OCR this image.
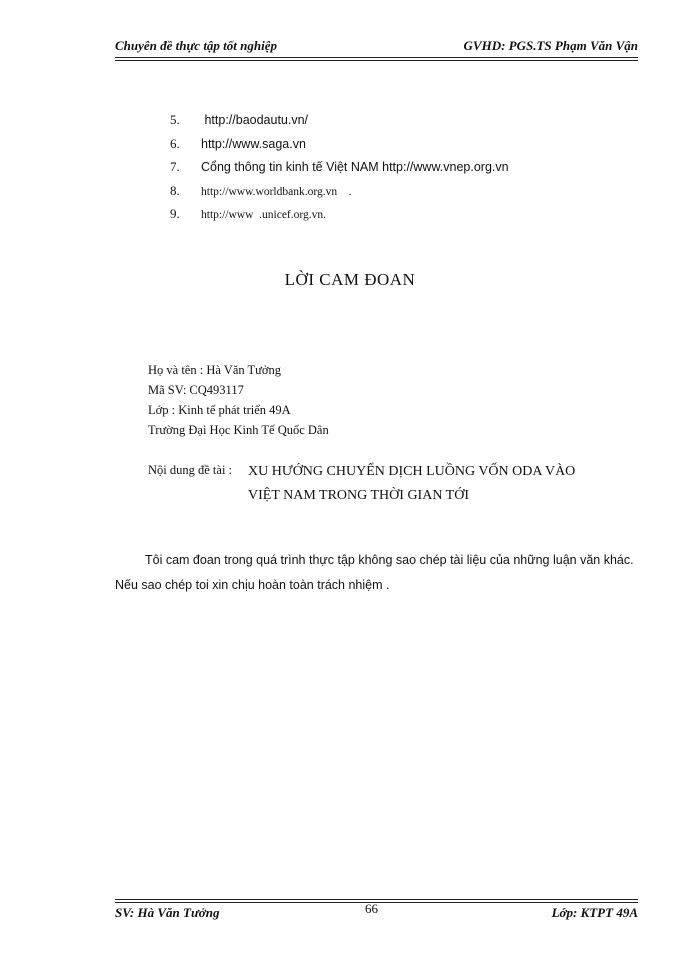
Chuyên đề thực tập tốt nghiệp	GVHD: PGS.TS Phạm Văn Vận
5.	http://baodautu.vn/
6.	http://www.saga.vn
7.	Cổng thông tin kinh tế Việt NAM http://www.vnep.org.vn
8.	http://www.worldbank.org.vn    .
9.	http://www  .unicef.org.vn.
LỜI CAM ĐOAN
Họ và tên : Hà Văn Tưởng
Mã SV: CQ493117
Lớp : Kinh tế phát triển 49A
Trường Đại Học Kinh Tế Quốc Dân
Nội dung đề tài : XU HƯỚNG CHUYỂN DỊCH LUỒNG VỐN ODA VÀO
VIỆT NAM TRONG THỜI GIAN TỚI
Tôi cam đoan trong quá trình thực tập không sao chép tài liệu của những luận văn khác. Nếu sao chép toi xin chịu hoàn toàn trách nhiệm .
SV: Hà Văn Tưởng	66	Lớp: KTPT 49A
